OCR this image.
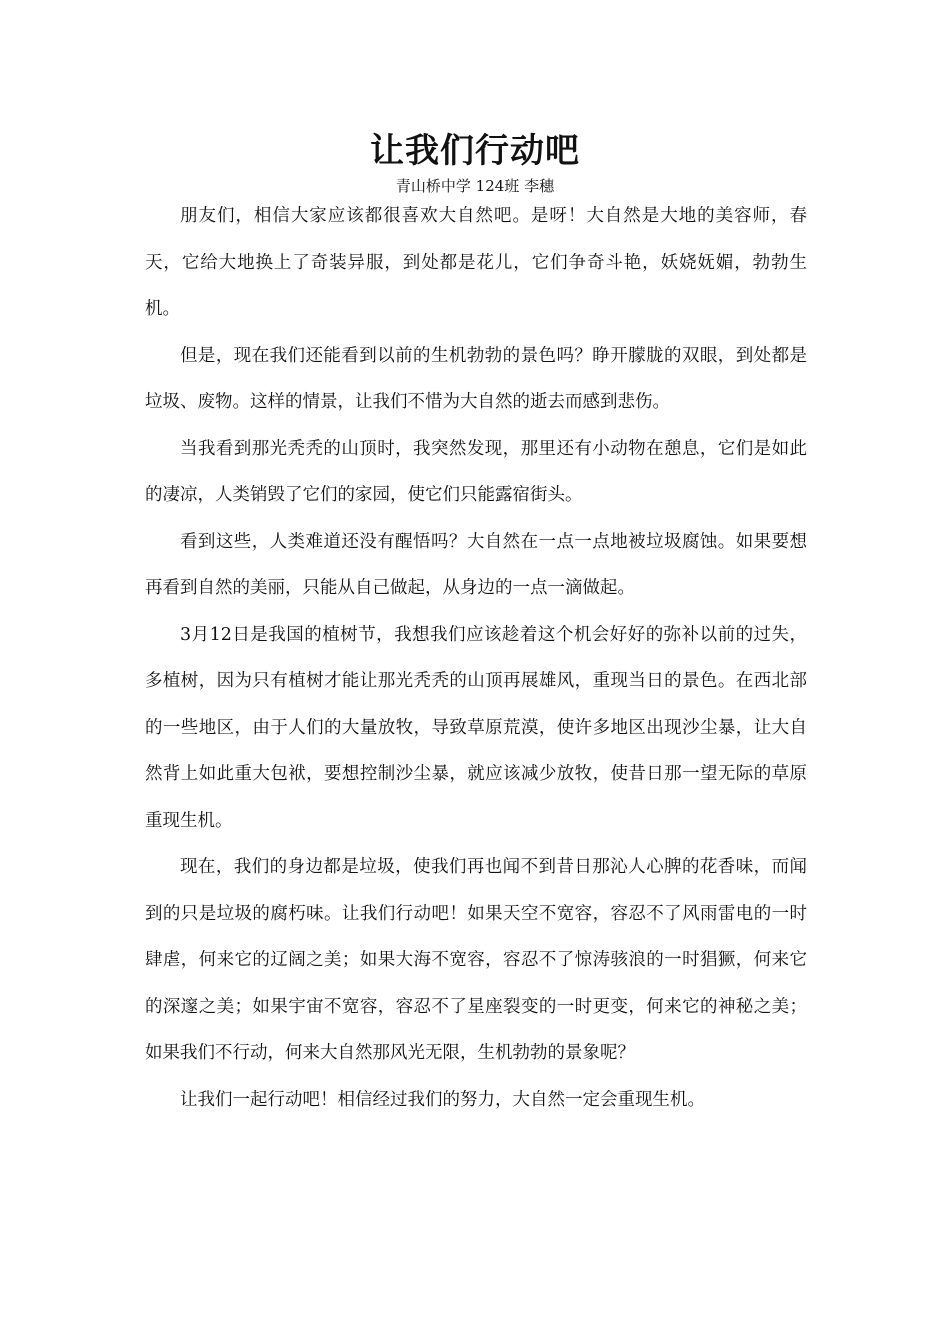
让我们行动吧
青山桥中学 124班 李穗

朋友们，相信大家应该都很喜欢大自然吧。是呀！大自然是大地的美容师，春天，它给大地换上了奇装异服，到处都是花儿，它们争奇斗艳，妖娆妩媚，勃勃生机。

但是，现在我们还能看到以前的生机勃勃的景色吗？睁开朦胧的双眼，到处都是垃圾、废物。这样的情景，让我们不惜为大自然的逝去而感到悲伤。

当我看到那光秃秃的山顶时，我突然发现，那里还有小动物在憩息，它们是如此的凄凉，人类销毁了它们的家园，使它们只能露宿街头。

看到这些，人类难道还没有醒悟吗？大自然在一点一点地被垃圾腐蚀。如果要想再看到自然的美丽，只能从自己做起，从身边的一点一滴做起。

3月12日是我国的植树节，我想我们应该趁着这个机会好好的弥补以前的过失，多植树，因为只有植树才能让那光秃秃的山顶再展雄风，重现当日的景色。在西北部的一些地区，由于人们的大量放牧，导致草原荒漠，使许多地区出现沙尘暴，让大自然背上如此重大包袱，要想控制沙尘暴，就应该减少放牧，使昔日那一望无际的草原重现生机。

现在，我们的身边都是垃圾，使我们再也闻不到昔日那沁人心脾的花香味，而闻到的只是垃圾的腐朽味。让我们行动吧！如果天空不宽容，容忍不了风雨雷电的一时肆虐，何来它的辽阔之美；如果大海不宽容，容忍不了惊涛骇浪的一时猖獗，何来它的深邃之美；如果宇宙不宽容，容忍不了星座裂变的一时更变，何来它的神秘之美；如果我们不行动，何来大自然那风光无限，生机勃勃的景象呢？

让我们一起行动吧！相信经过我们的努力，大自然一定会重现生机。
